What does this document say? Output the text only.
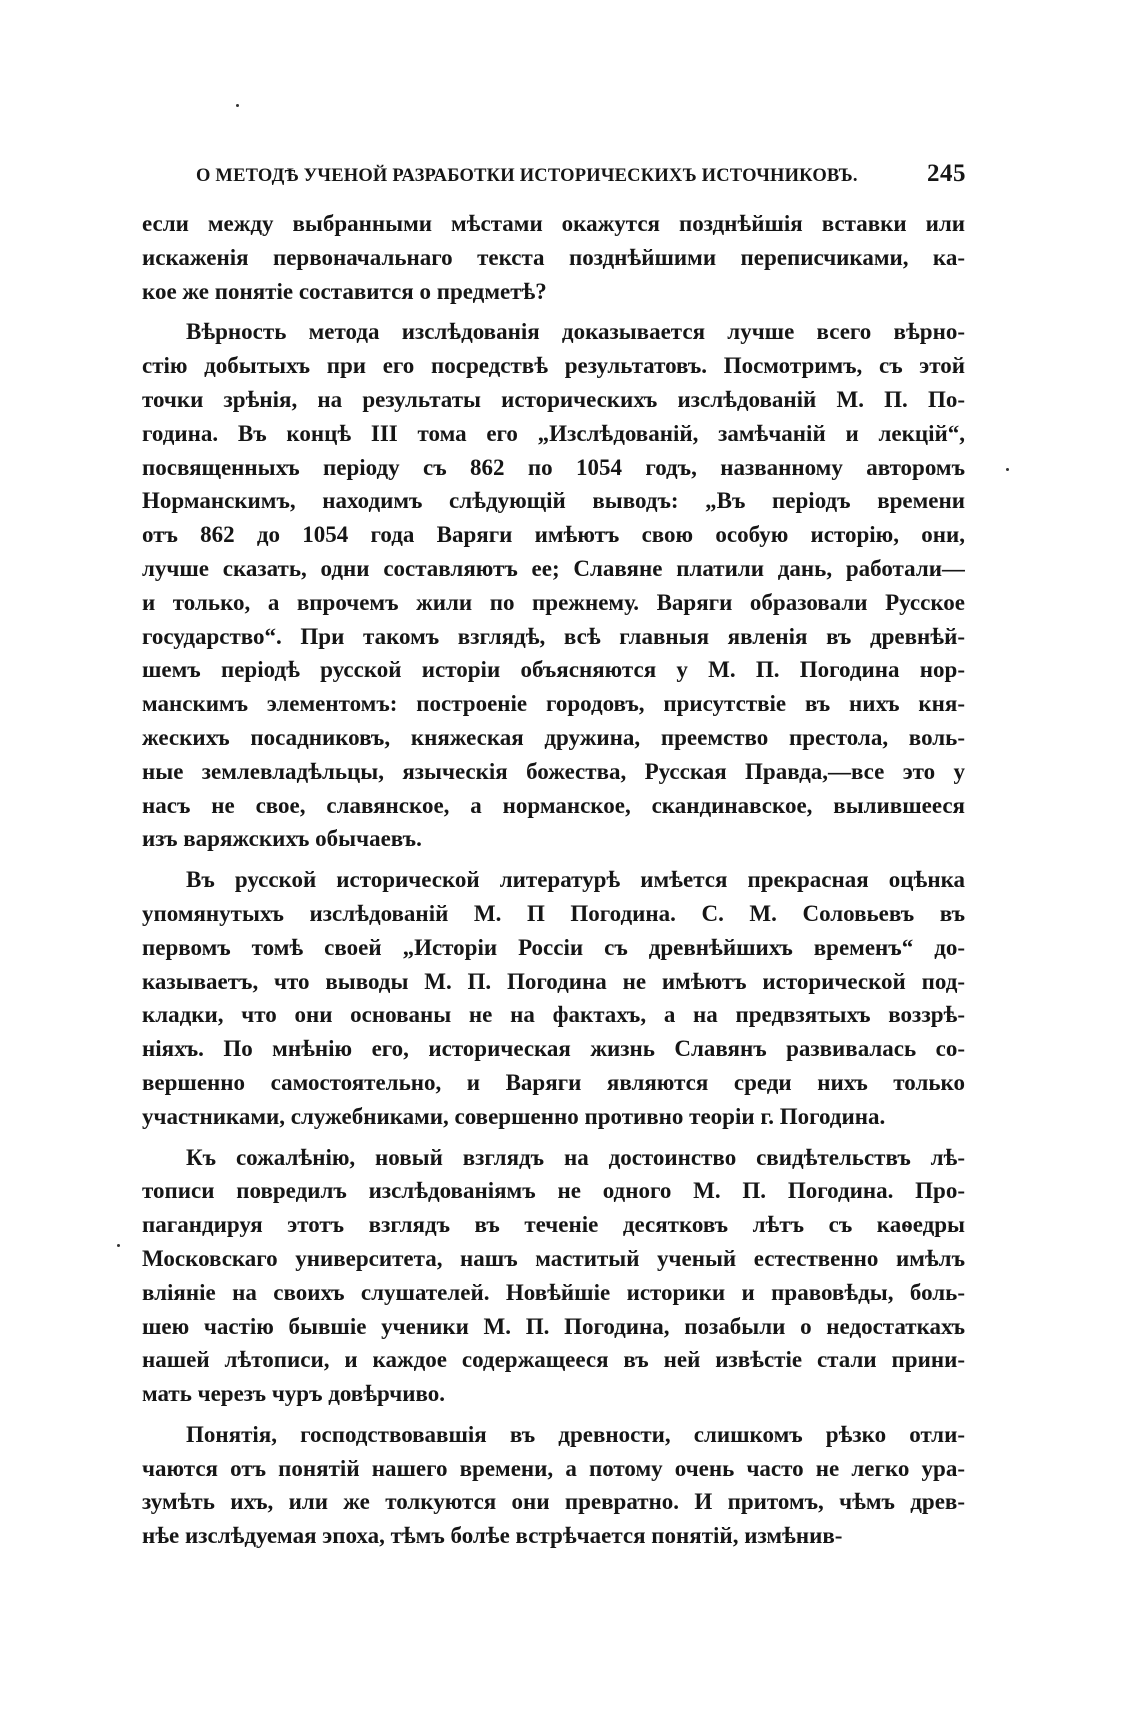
О МЕТОДѢ УЧЕНОЙ РАЗРАБОТКИ ИСТОРИЧЕСКИХЪ ИСТОЧНИКОВЪ.	245
если между выбранными мѣстами окажутся позднѣйшія вставки или
искаженія первоначальнаго текста позднѣйшими переписчиками, ка-
кое же понятіе составится о предметѣ?
Вѣрность метода изслѣдованія доказывается лучше всего вѣрно-
стію добытыхъ при его посредствѣ результатовъ. Посмотримъ, съ этой
точки зрѣнія, на результаты историческихъ изслѣдованій М. П. По-
година. Въ концѣ III тома его „Изслѣдованій, замѣчаній и лекцій“,
посвященныхъ періоду съ 862 по 1054 годъ, названному авторомъ
Норманскимъ, находимъ слѣдующій выводъ: „Въ періодъ времени
отъ 862 до 1054 года Варяги имѣютъ свою особую исторію, они,
лучше сказать, одни составляютъ ее; Славяне платили дань, работали—
и только, а впрочемъ жили по прежнему. Варяги образовали Русское
государство“. При такомъ взглядѣ, всѣ главныя явленія въ древнѣй-
шемъ періодѣ русской исторіи объясняются у М. П. Погодина нор-
манскимъ элементомъ: построеніе городовъ, присутствіе въ нихъ кня-
жескихъ посадниковъ, княжеская дружина, преемство престола, воль-
ные землевладѣльцы, языческія божества, Русская Правда,—все это у
насъ не свое, славянское, а норманское, скандинавское, вылившееся
изъ варяжскихъ обычаевъ.
Въ русской исторической литературѣ имѣется прекрасная оцѣнка
упомянутыхъ изслѣдованій М. П Погодина. С. М. Соловьевъ въ
первомъ томѣ своей „Исторіи Россіи съ древнѣйшихъ временъ“ до-
казываетъ, что выводы М. П. Погодина не имѣютъ исторической под-
кладки, что они основаны не на фактахъ, а на предвзятыхъ воззрѣ-
ніяхъ. По мнѣнію его, историческая жизнь Славянъ развивалась со-
вершенно самостоятельно, и Варяги являются среди нихъ только
участниками, служебниками, совершенно противно теоріи г. Погодина.
Къ сожалѣнію, новый взглядъ на достоинство свидѣтельствъ лѣ-
тописи повредилъ изслѣдованіямъ не одного М. П. Погодина. Про-
пагандируя этотъ взглядъ въ теченіе десятковъ лѣтъ съ каѳедры
Московскаго университета, нашъ маститый ученый естественно имѣлъ
вліяніе на своихъ слушателей. Новѣйшіе историки и правовѣды, боль-
шею частію бывшіе ученики М. П. Погодина, позабыли о недостаткахъ
нашей лѣтописи, и каждое содержащееся въ ней извѣстіе стали прини-
мать черезъ чуръ довѣрчиво.
Понятія, господствовавшія въ древности, слишкомъ рѣзко отли-
чаются отъ понятій нашего времени, а потому очень часто не легко ура-
зумѣть ихъ, или же толкуются они превратно. И притомъ, чѣмъ древ-
нѣе изслѣдуемая эпоха, тѣмъ болѣе встрѣчается понятій, измѣнив-
